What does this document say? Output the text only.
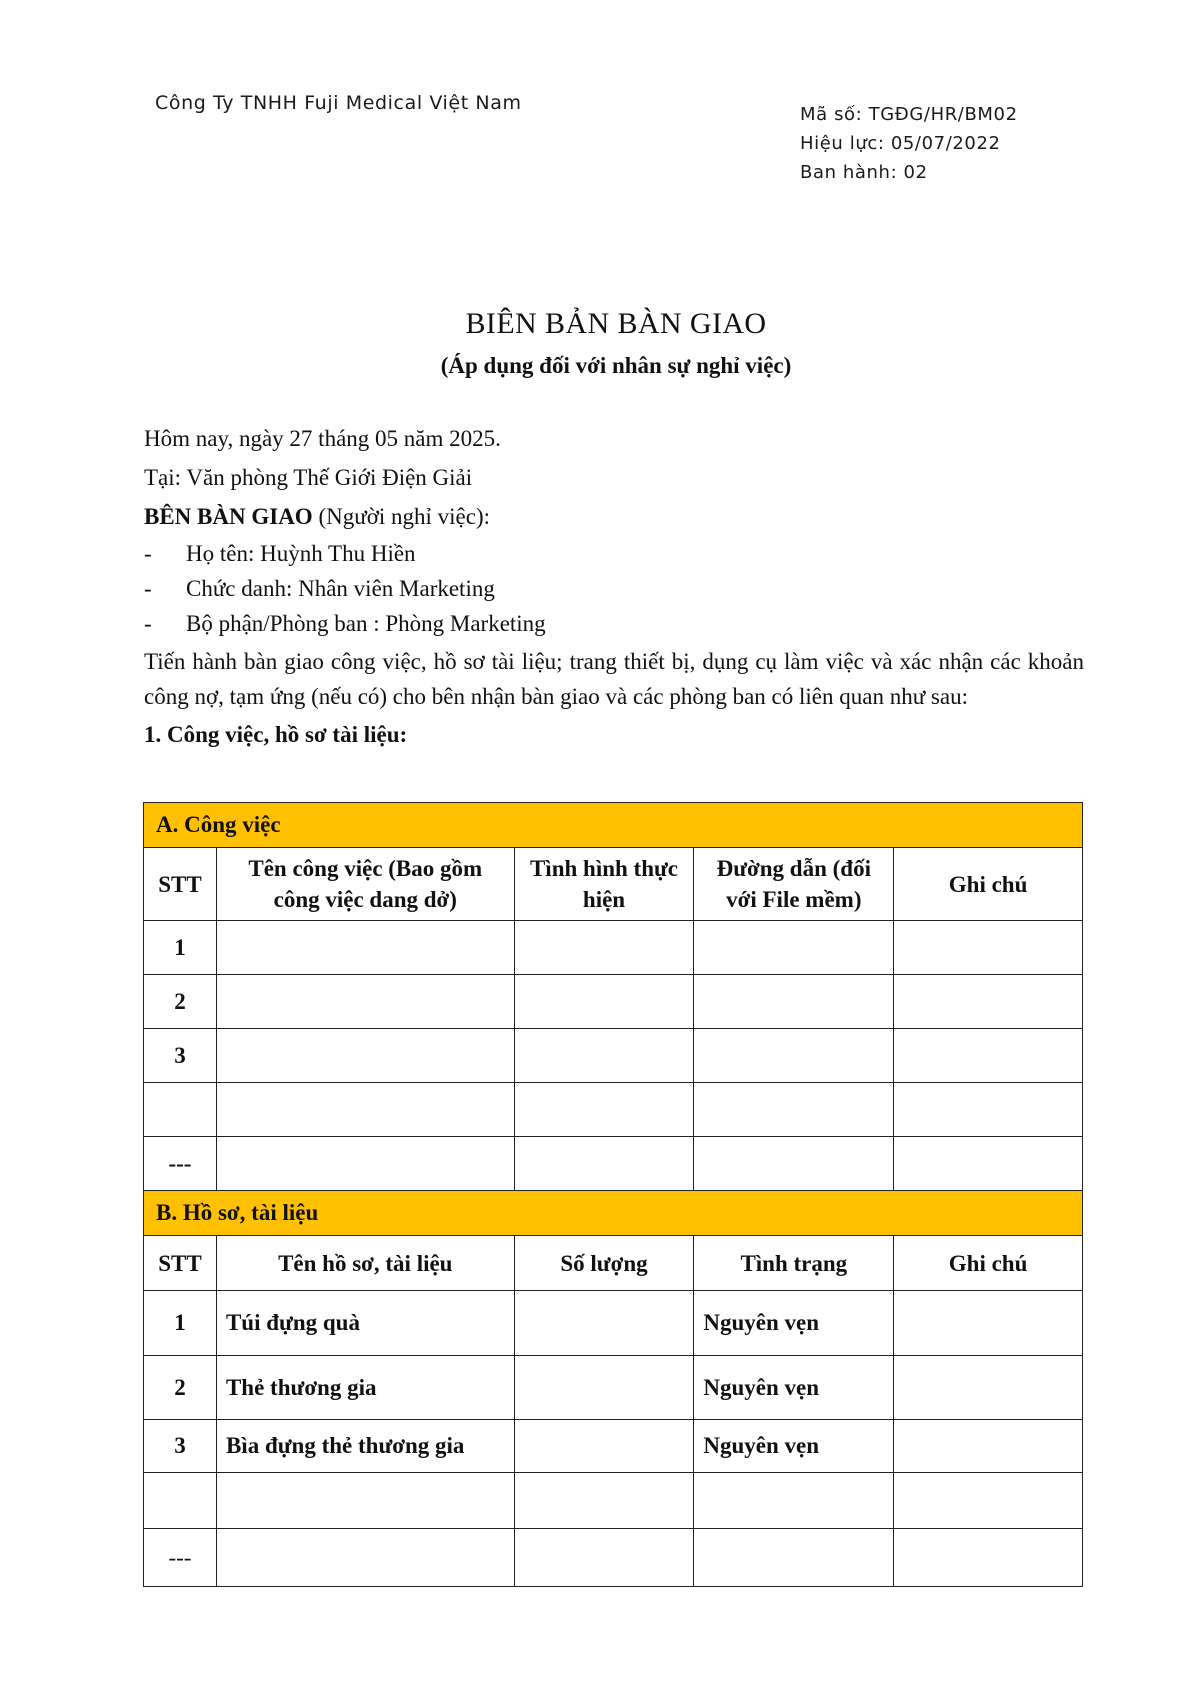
Công Ty TNHH Fuji Medical Việt Nam
Mã số: TGĐG/HR/BM02
Hiệu lực: 05/07/2022
Ban hành: 02
BIÊN BẢN BÀN GIAO
(Áp dụng đối với nhân sự nghỉ việc)
Hôm nay, ngày 27 tháng 05 năm 2025.
Tại: Văn phòng Thế Giới Điện Giải
BÊN BÀN GIAO (Người nghỉ việc):
-	Họ tên: Huỳnh Thu Hiền
-	Chức danh: Nhân viên Marketing
-	Bộ phận/Phòng ban : Phòng Marketing
Tiến hành bàn giao công việc, hồ sơ tài liệu; trang thiết bị, dụng cụ làm việc và xác nhận các khoản công nợ, tạm ứng (nếu có) cho bên nhận bàn giao và các phòng ban có liên quan như sau:
1. Công việc, hồ sơ tài liệu:
A. Công việc				
STT	Tên công việc (Bao gồm công việc dang dở)	Tình hình thực hiện	Đường dẫn (đối với File mềm)	Ghi chú
1				
2				
3				

---				
B. Hồ sơ, tài liệu				
STT	Tên hồ sơ, tài liệu	Số lượng	Tình trạng	Ghi chú
1	Túi đựng quà		Nguyên vẹn	
2	Thẻ thương gia		Nguyên vẹn	
3	Bìa đựng thẻ thương gia		Nguyên vẹn	

---				
